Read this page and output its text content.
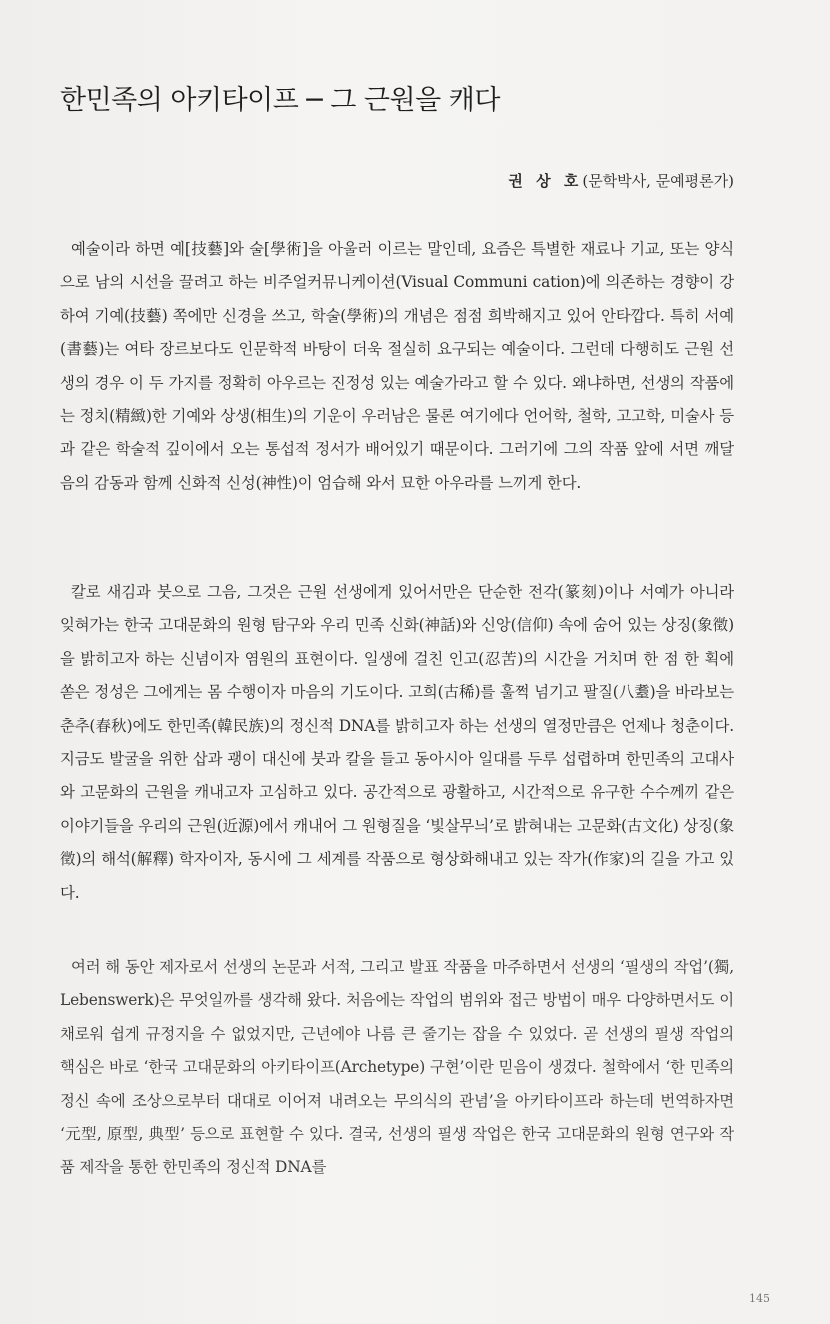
한민족의 아키타이프 ─ 그 근원을 캐다

권 상 호(문학박사, 문예평론가)

예술이라 하면 예[技藝]와 술[學術]을 아울러 이르는 말인데, 요즘은 특별한 재료나 기교, 또는 양식으로 남의 시선을 끌려고 하는 비주얼커뮤니케이션(Visual Communi cation)에 의존하는 경향이 강하여 기예(技藝) 쪽에만 신경을 쓰고, 학술(學術)의 개념은 점점 희박해지고 있어 안타깝다. 특히 서예(書藝)는 여타 장르보다도 인문학적 바탕이 더욱 절실히 요구되는 예술이다. 그런데 다행히도 근원 선생의 경우 이 두 가지를 정확히 아우르는 진정성 있는 예술가라고 할 수 있다. 왜냐하면, 선생의 작품에는 정치(精緻)한 기예와 상생(相生)의 기운이 우러남은 물론 여기에다 언어학, 철학, 고고학, 미술사 등과 같은 학술적 깊이에서 오는 통섭적 정서가 배어있기 때문이다. 그러기에 그의 작품 앞에 서면 깨달음의 감동과 함께 신화적 신성(神性)이 엄습해 와서 묘한 아우라를 느끼게 한다.

칼로 새김과 붓으로 그음, 그것은 근원 선생에게 있어서만은 단순한 전각(篆刻)이나 서예가 아니라 잊혀가는 한국 고대문화의 원형 탐구와 우리 민족 신화(神話)와 신앙(信仰) 속에 숨어 있는 상징(象徵)을 밝히고자 하는 신념이자 염원의 표현이다. 일생에 걸친 인고(忍苦)의 시간을 거치며 한 점 한 획에 쏟은 정성은 그에게는 몸 수행이자 마음의 기도이다. 고희(古稀)를 훌쩍 넘기고 팔질(八耋)을 바라보는 춘추(春秋)에도 한민족(韓民族)의 정신적 DNA를 밝히고자 하는 선생의 열정만큼은 언제나 청춘이다. 지금도 발굴을 위한 삽과 괭이 대신에 붓과 칼을 들고 동아시아 일대를 두루 섭렵하며 한민족의 고대사와 고문화의 근원을 캐내고자 고심하고 있다. 공간적으로 광활하고, 시간적으로 유구한 수수께끼 같은 이야기들을 우리의 근원(近源)에서 캐내어 그 원형질을 ‘빛살무늬’로 밝혀내는 고문화(古文化) 상징(象徵)의 해석(解釋) 학자이자, 동시에 그 세계를 작품으로 형상화해내고 있는 작가(作家)의 길을 가고 있다.

여러 해 동안 제자로서 선생의 논문과 서적, 그리고 발표 작품을 마주하면서 선생의 ‘필생의 작업’(獨, Lebenswerk)은 무엇일까를 생각해 왔다. 처음에는 작업의 범위와 접근 방법이 매우 다양하면서도 이채로워 쉽게 규정지을 수 없었지만, 근년에야 나름 큰 줄기는 잡을 수 있었다. 곧 선생의 필생 작업의 핵심은 바로 ‘한국 고대문화의 아키타이프(Archetype) 구현’이란 믿음이 생겼다. 철학에서 ‘한 민족의 정신 속에 조상으로부터 대대로 이어져 내려오는 무의식의 관념’을 아키타이프라 하는데 번역하자면 ‘元型, 原型, 典型’ 등으로 표현할 수 있다. 결국, 선생의 필생 작업은 한국 고대문화의 원형 연구와 작품 제작을 통한 한민족의 정신적 DNA를

145
